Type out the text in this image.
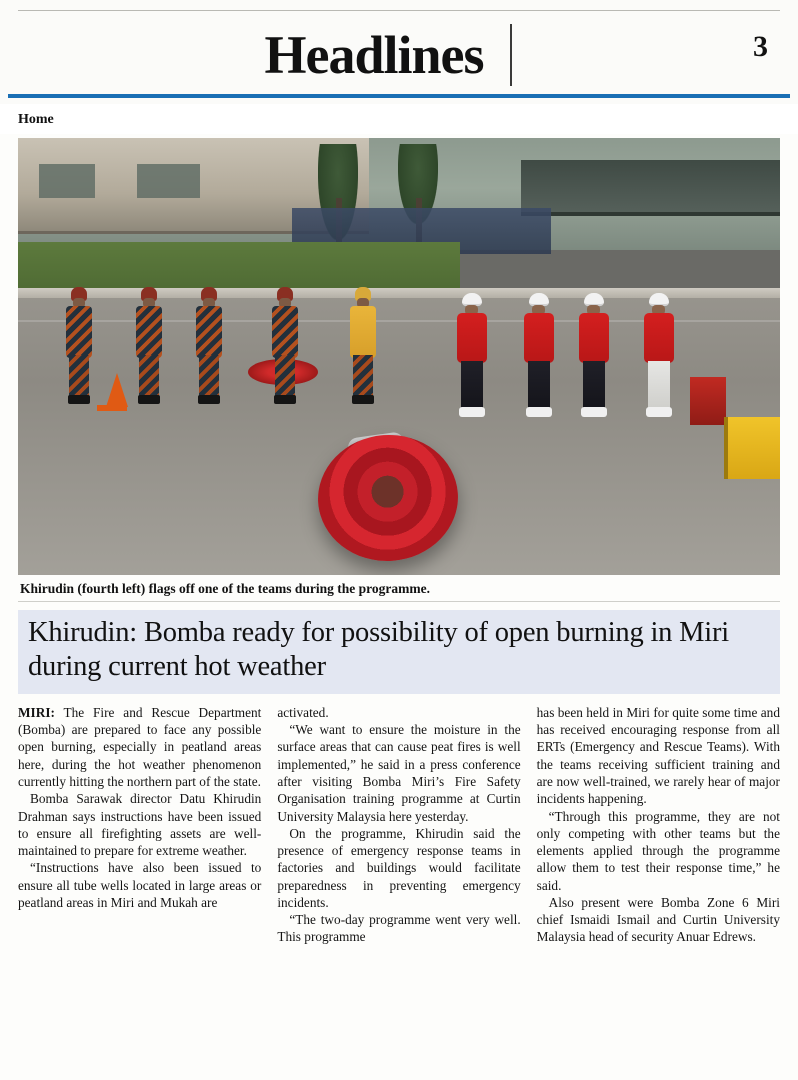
Headlines	3
Home
Khirudin (fourth left) flags off one of the teams during the programme.
Khirudin: Bomba ready for possibility of open burning in Miri during current hot weather

MIRI: The Fire and Rescue Department (Bomba) are prepared to face any possible open burning, especially in peatland areas here, during the hot weather phenomenon currently hitting the northern part of the state.

Bomba Sarawak director Datu Khirudin Drahman says instructions have been issued to ensure all firefighting assets are well-maintained to prepare for extreme weather.

“Instructions have also been issued to ensure all tube wells located in large areas or peatland areas in Miri and Mukah are

activated.

“We want to ensure the moisture in the surface areas that can cause peat fires is well implemented,” he said in a press conference after visiting Bomba Miri’s Fire Safety Organisation training programme at Curtin University Malaysia here yesterday.

On the programme, Khirudin said the presence of emergency response teams in factories and buildings would facilitate preparedness in preventing emergency incidents.

“The two-day programme went very well. This programme

has been held in Miri for quite some time and has received encouraging response from all ERTs (Emergency and Rescue Teams). With the teams receiving sufficient training and are now well-trained, we rarely hear of major incidents happening.

“Through this programme, they are not only competing with other teams but the elements applied through the programme allow them to test their response time,” he said.

Also present were Bomba Zone 6 Miri chief Ismaidi Ismail and Curtin University Malaysia head of security Anuar Edrews.
